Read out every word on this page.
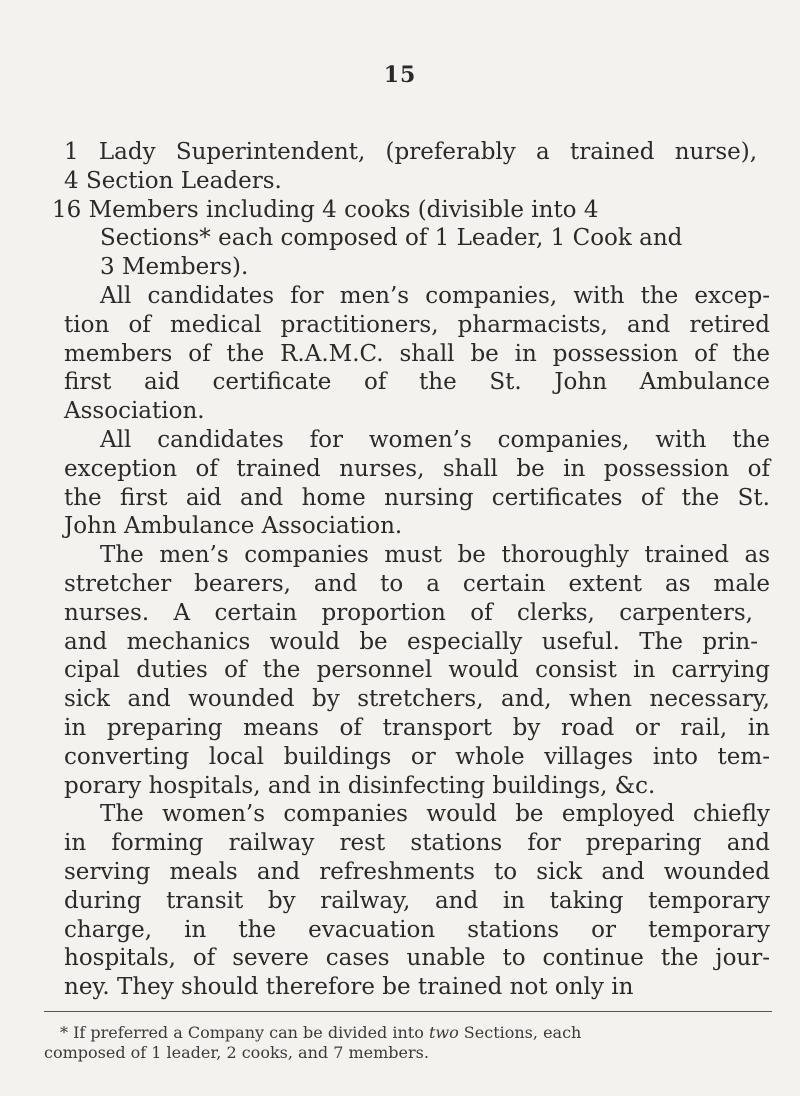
15
1 Lady Superintendent, (preferably a trained nurse),
4 Section Leaders.
16 Members including 4 cooks (divisible into 4
Sections* each composed of 1 Leader, 1 Cook and
3 Members).
All candidates for men’s companies, with the excep-
tion of medical practitioners, pharmacists, and retired
members of the R.A.M.C. shall be in possession of the
first aid certificate of the St. John Ambulance
Association.
All candidates for women’s companies, with the
exception of trained nurses, shall be in possession of
the first aid and home nursing certificates of the St.
John Ambulance Association.
The men’s companies must be thoroughly trained as
stretcher bearers, and to a certain extent as male
nurses. A certain proportion of clerks, carpenters,
and mechanics would be especially useful. The prin-
cipal duties of the personnel would consist in carrying
sick and wounded by stretchers, and, when necessary,
in preparing means of transport by road or rail, in
converting local buildings or whole villages into tem-
porary hospitals, and in disinfecting buildings, &c.
The women’s companies would be employed chiefly
in forming railway rest stations for preparing and
serving meals and refreshments to sick and wounded
during transit by railway, and in taking temporary
charge, in the evacuation stations or temporary
hospitals, of severe cases unable to continue the jour-
ney. They should therefore be trained not only in
* If preferred a Company can be divided into two Sections, each
composed of 1 leader, 2 cooks, and 7 members.
